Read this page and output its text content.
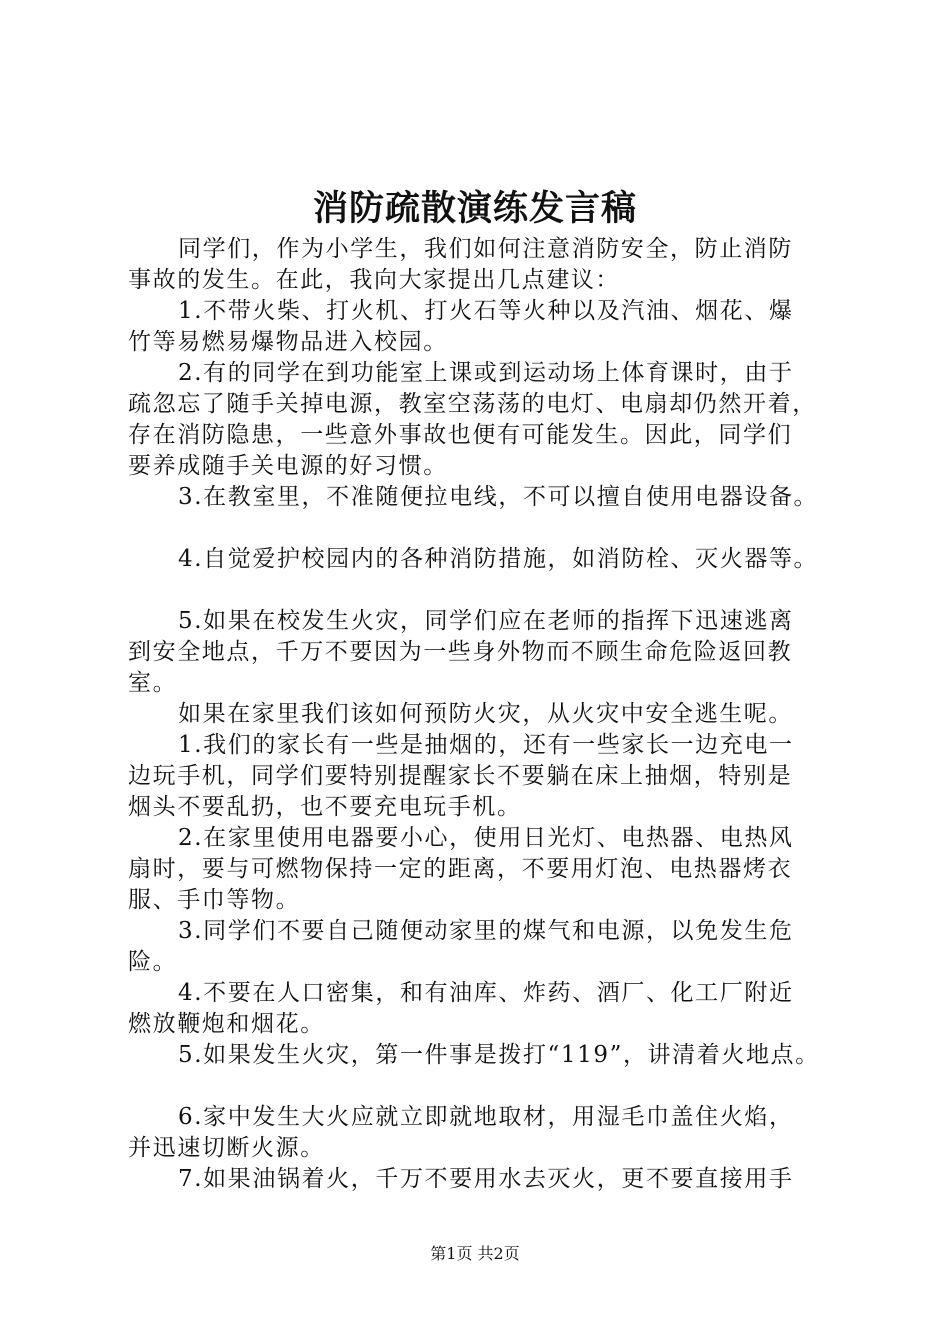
消防疏散演练发言稿
同学们，作为小学生，我们如何注意消防安全，防止消防
事故的发生。在此，我向大家提出几点建议：
1.不带火柴、打火机、打火石等火种以及汽油、烟花、爆
竹等易燃易爆物品进入校园。
2.有的同学在到功能室上课或到运动场上体育课时，由于
疏忽忘了随手关掉电源，教室空荡荡的电灯、电扇却仍然开着，
存在消防隐患，一些意外事故也便有可能发生。因此，同学们
要养成随手关电源的好习惯。
3.在教室里，不准随便拉电线，不可以擅自使用电器设备。
4.自觉爱护校园内的各种消防措施，如消防栓、灭火器等。
5.如果在校发生火灾，同学们应在老师的指挥下迅速逃离
到安全地点，千万不要因为一些身外物而不顾生命危险返回教
室。
如果在家里我们该如何预防火灾，从火灾中安全逃生呢。
1.我们的家长有一些是抽烟的，还有一些家长一边充电一
边玩手机，同学们要特别提醒家长不要躺在床上抽烟，特别是
烟头不要乱扔，也不要充电玩手机。
2.在家里使用电器要小心，使用日光灯、电热器、电热风
扇时，要与可燃物保持一定的距离，不要用灯泡、电热器烤衣
服、手巾等物。
3.同学们不要自己随便动家里的煤气和电源，以免发生危
险。
4.不要在人口密集，和有油库、炸药、酒厂、化工厂附近
燃放鞭炮和烟花。
5.如果发生火灾，第一件事是拨打“119”，讲清着火地点。
6.家中发生大火应就立即就地取材，用湿毛巾盖住火焰，
并迅速切断火源。
7.如果油锅着火，千万不要用水去灭火，更不要直接用手
第1页 共2页
